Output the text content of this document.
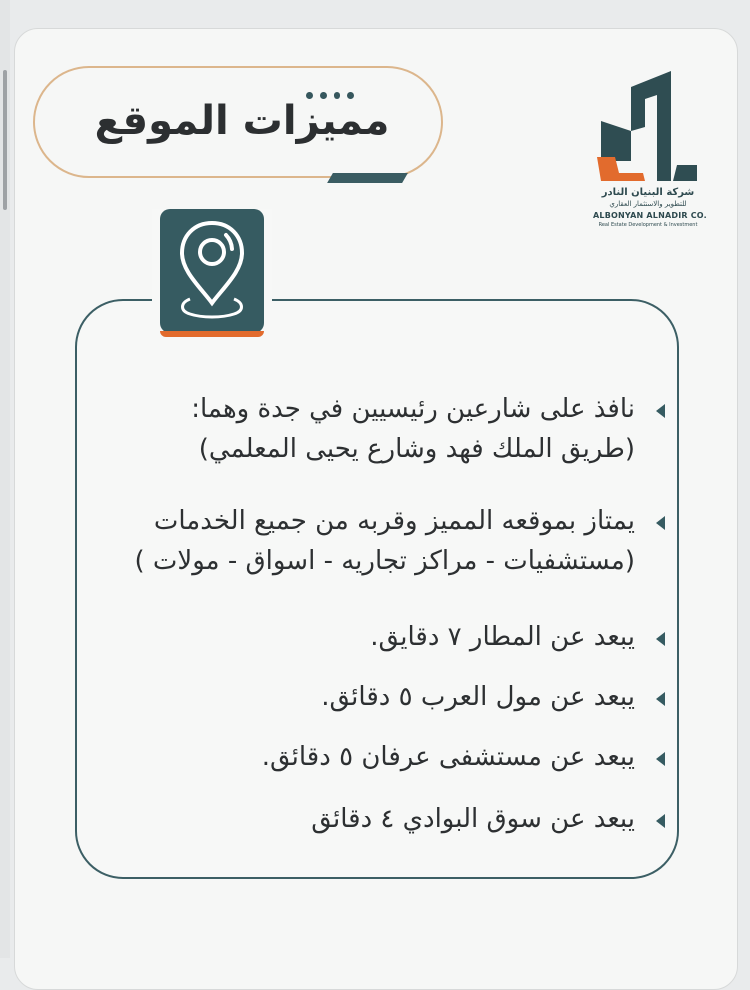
مميزات الموقع
شركة البنيان النادر
للتطوير والاستثمار العقاري
ALBONYAN ALNADIR CO.
Real Estate Development & Investment
نافذ على شارعين رئيسيين في جدة وهما:
(طريق الملك فهد وشارع يحيى المعلمي)
يمتاز بموقعه المميز وقربه من جميع الخدمات
(مستشفيات - مراكز تجاريه - اسواق - مولات )
يبعد عن المطار ٧ دقايق.
يبعد عن مول العرب ٥ دقائق.
يبعد عن مستشفى عرفان ٥ دقائق.
يبعد عن سوق البوادي ٤ دقائق
